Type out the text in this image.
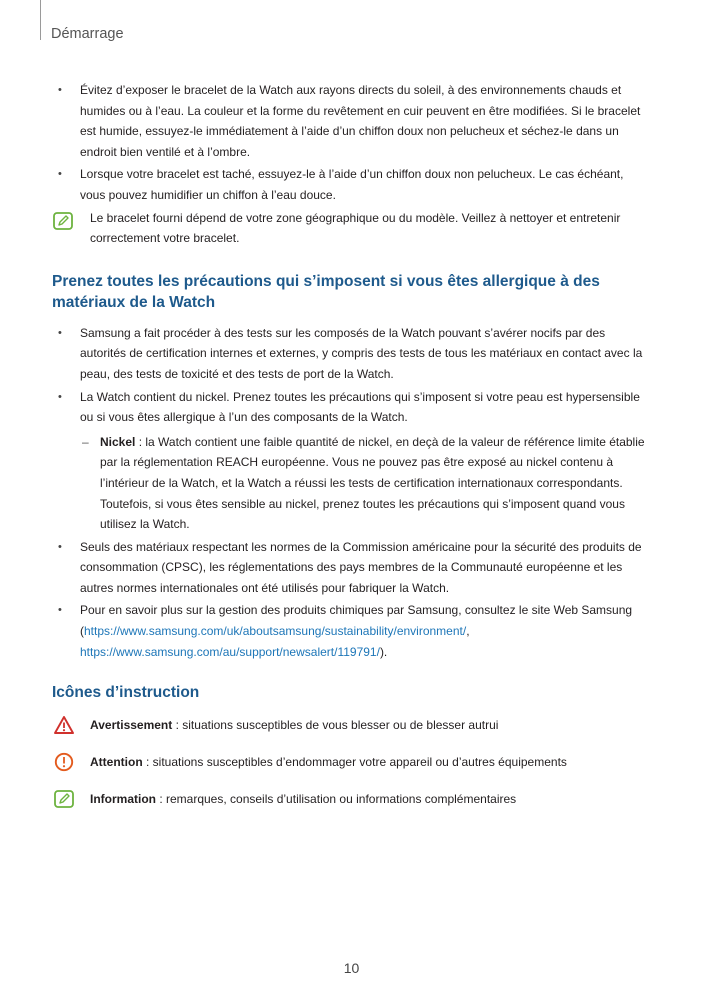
Démarrage
• Évitez d’exposer le bracelet de la Watch aux rayons directs du soleil, à des environnements chauds et humides ou à l’eau. La couleur et la forme du revêtement en cuir peuvent en être modifiées. Si le bracelet est humide, essuyez-le immédiatement à l’aide d’un chiffon doux non pelucheux et séchez-le dans un endroit bien ventilé et à l’ombre.

• Lorsque votre bracelet est taché, essuyez-le à l’aide d’un chiffon doux non pelucheux. Le cas échéant, vous pouvez humidifier un chiffon à l’eau douce.

Le bracelet fourni dépend de votre zone géographique ou du modèle. Veillez à nettoyer et entretenir correctement votre bracelet.

Prenez toutes les précautions qui s’imposent si vous êtes allergique à des matériaux de la Watch
• Samsung a fait procéder à des tests sur les composés de la Watch pouvant s’avérer nocifs par des autorités de certification internes et externes, y compris des tests de tous les matériaux en contact avec la peau, des tests de toxicité et des tests de port de la Watch.

• La Watch contient du nickel. Prenez toutes les précautions qui s’imposent si votre peau est hypersensible ou si vous êtes allergique à l’un des composants de la Watch.

– Nickel : la Watch contient une faible quantité de nickel, en deçà de la valeur de référence limite établie par la réglementation REACH européenne. Vous ne pouvez pas être exposé au nickel contenu à l’intérieur de la Watch, et la Watch a réussi les tests de certification internationaux correspondants. Toutefois, si vous êtes sensible au nickel, prenez toutes les précautions qui s’imposent quand vous utilisez la Watch.

• Seuls des matériaux respectant les normes de la Commission américaine pour la sécurité des produits de consommation (CPSC), les réglementations des pays membres de la Communauté européenne et les autres normes internationales ont été utilisés pour fabriquer la Watch.

• Pour en savoir plus sur la gestion des produits chimiques par Samsung, consultez le site Web Samsung (https://www.samsung.com/uk/aboutsamsung/sustainability/environment/, https://www.samsung.com/au/support/newsalert/119791/).

Icônes d’instruction

Avertissement : situations susceptibles de vous blesser ou de blesser autrui

Attention : situations susceptibles d’endommager votre appareil ou d’autres équipements

Information : remarques, conseils d’utilisation ou informations complémentaires

10
